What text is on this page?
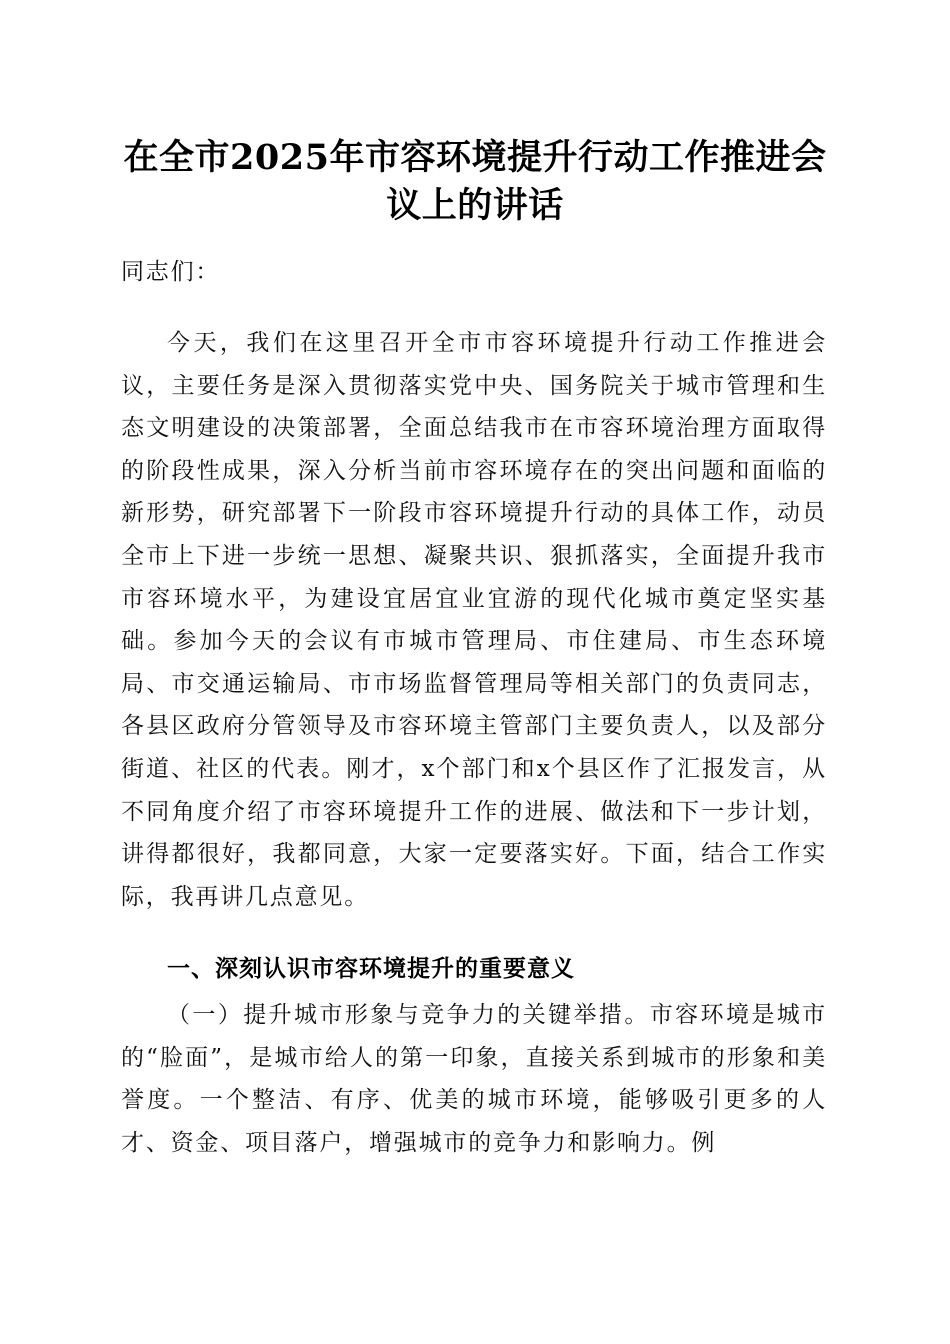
在全市2025年市容环境提升行动工作推进会议上的讲话

同志们：

今天，我们在这里召开全市市容环境提升行动工作推进会议，主要任务是深入贯彻落实党中央、国务院关于城市管理和生态文明建设的决策部署，全面总结我市在市容环境治理方面取得的阶段性成果，深入分析当前市容环境存在的突出问题和面临的新形势，研究部署下一阶段市容环境提升行动的具体工作，动员全市上下进一步统一思想、凝聚共识、狠抓落实，全面提升我市市容环境水平，为建设宜居宜业宜游的现代化城市奠定坚实基础。参加今天的会议有市城市管理局、市住建局、市生态环境局、市交通运输局、市市场监督管理局等相关部门的负责同志，各县区政府分管领导及市容环境主管部门主要负责人，以及部分街道、社区的代表。刚才，x个部门和x个县区作了汇报发言，从不同角度介绍了市容环境提升工作的进展、做法和下一步计划，讲得都很好，我都同意，大家一定要落实好。下面，结合工作实际，我再讲几点意见。

一、深刻认识市容环境提升的重要意义

（一）提升城市形象与竞争力的关键举措。市容环境是城市的“脸面”，是城市给人的第一印象，直接关系到城市的形象和美誉度。一个整洁、有序、优美的城市环境，能够吸引更多的人才、资金、项目落户，增强城市的竞争力和影响力。例
